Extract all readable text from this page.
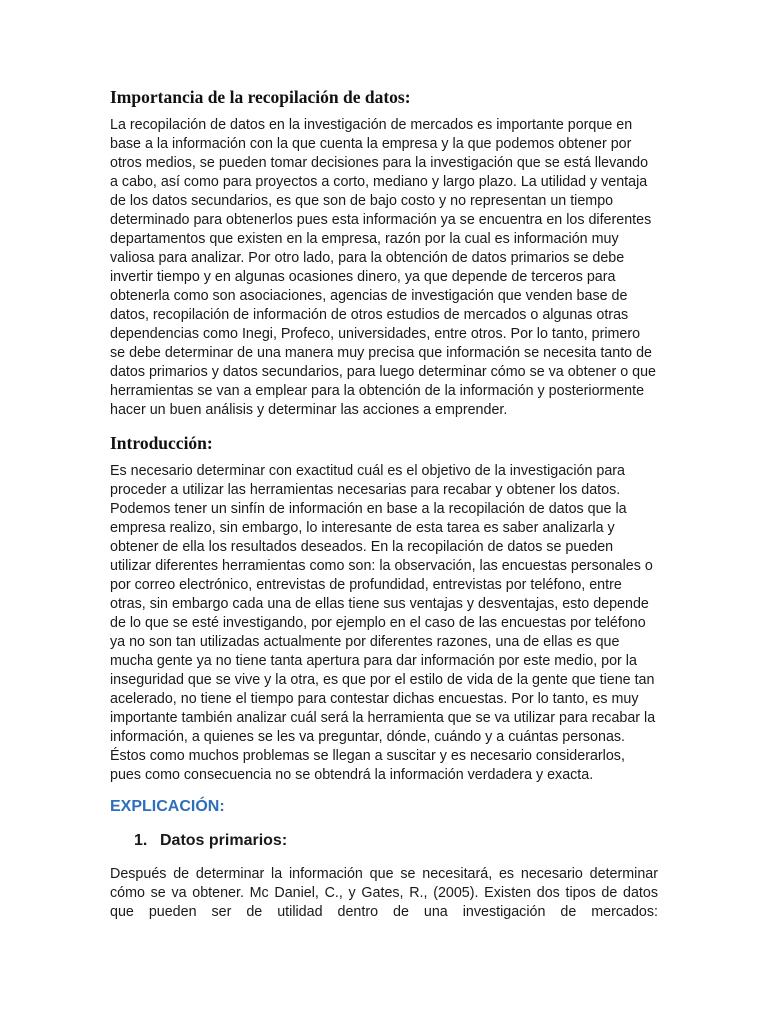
Importancia de la recopilación de datos:

La recopilación de datos en la investigación de mercados es importante porque en base a la información con la que cuenta la empresa y la que podemos obtener por otros medios, se pueden tomar decisiones para la investigación que se está llevando a cabo, así como para proyectos a corto, mediano y largo plazo. La utilidad y ventaja de los datos secundarios, es que son de bajo costo y no representan un tiempo determinado para obtenerlos pues esta información ya se encuentra en los diferentes departamentos que existen en la empresa, razón por la cual es información muy valiosa para analizar. Por otro lado, para la obtención de datos primarios se debe invertir tiempo y en algunas ocasiones dinero, ya que depende de terceros para obtenerla como son asociaciones, agencias de investigación que venden base de datos, recopilación de información de otros estudios de mercados o algunas otras dependencias como Inegi, Profeco, universidades, entre otros. Por lo tanto, primero se debe determinar de una manera muy precisa que información se necesita tanto de datos primarios y datos secundarios, para luego determinar cómo se va obtener o que herramientas se van a emplear para la obtención de la información y posteriormente hacer un buen análisis y determinar las acciones a emprender.

Introducción:

Es necesario determinar con exactitud cuál es el objetivo de la investigación para proceder a utilizar las herramientas necesarias para recabar y obtener los datos. Podemos tener un sinfín de información en base a la recopilación de datos que la empresa realizo, sin embargo, lo interesante de esta tarea es saber analizarla y obtener de ella los resultados deseados. En la recopilación de datos se pueden utilizar diferentes herramientas como son: la observación, las encuestas personales o por correo electrónico, entrevistas de profundidad, entrevistas por teléfono, entre otras, sin embargo cada una de ellas tiene sus ventajas y desventajas, esto depende de lo que se esté investigando, por ejemplo en el caso de las encuestas por teléfono ya no son tan utilizadas actualmente por diferentes razones, una de ellas es que mucha gente ya no tiene tanta apertura para dar información por este medio, por la inseguridad que se vive y la otra, es que por el estilo de vida de la gente que tiene tan acelerado, no tiene el tiempo para contestar dichas encuestas. Por lo tanto, es muy importante también analizar cuál será la herramienta que se va utilizar para recabar la información, a quienes se les va preguntar, dónde, cuándo y a cuántas personas. Éstos como muchos problemas se llegan a suscitar y es necesario considerarlos, pues como consecuencia no se obtendrá la información verdadera y exacta.

EXPLICACIÓN:
1. Datos primarios:

Después de determinar la información que se necesitará, es necesario determinar cómo se va obtener. Mc Daniel, C., y Gates, R., (2005). Existen dos tipos de datos que pueden ser de utilidad dentro de una investigación de mercados:
